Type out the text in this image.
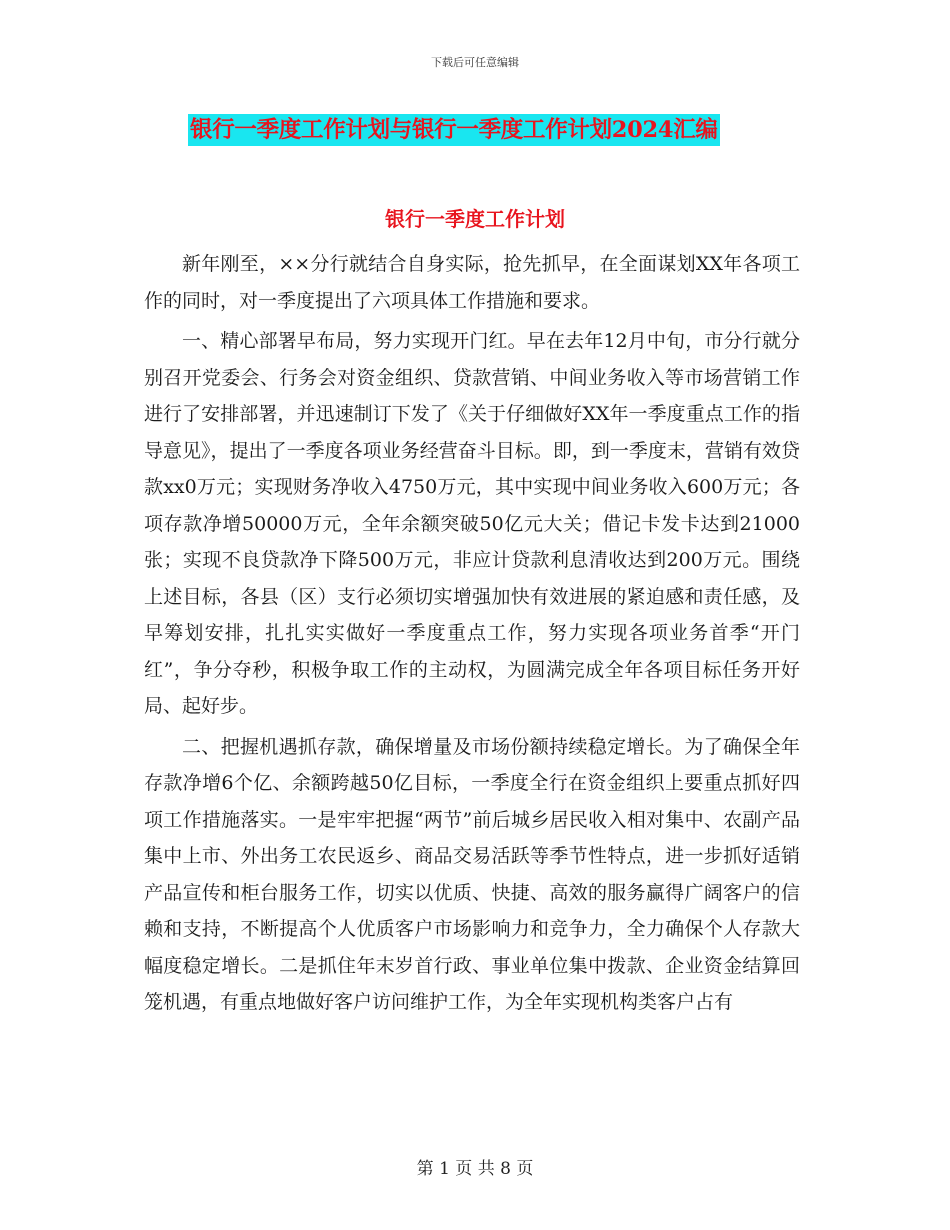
下载后可任意编辑
银行一季度工作计划与银行一季度工作计划2024汇编
银行一季度工作计划

新年刚至，××分行就结合自身实际，抢先抓早，在全面谋划XX年各项工作的同时，对一季度提出了六项具体工作措施和要求。

一、精心部署早布局，努力实现开门红。早在去年12月中旬，市分行就分别召开党委会、行务会对资金组织、贷款营销、中间业务收入等市场营销工作进行了安排部署，并迅速制订下发了《关于仔细做好XX年一季度重点工作的指导意见》，提出了一季度各项业务经营奋斗目标。即，到一季度末，营销有效贷款xx0万元；实现财务净收入4750万元，其中实现中间业务收入600万元；各项存款净增50000万元，全年余额突破50亿元大关；借记卡发卡达到21000张；实现不良贷款净下降500万元，非应计贷款利息清收达到200万元。围绕上述目标，各县（区）支行必须切实增强加快有效进展的紧迫感和责任感，及早筹划安排，扎扎实实做好一季度重点工作，努力实现各项业务首季“开门红”，争分夺秒，积极争取工作的主动权，为圆满完成全年各项目标任务开好局、起好步。

二、把握机遇抓存款，确保增量及市场份额持续稳定增长。为了确保全年存款净增6个亿、余额跨越50亿目标，一季度全行在资金组织上要重点抓好四项工作措施落实。一是牢牢把握“两节”前后城乡居民收入相对集中、农副产品集中上市、外出务工农民返乡、商品交易活跃等季节性特点，进一步抓好适销产品宣传和柜台服务工作，切实以优质、快捷、高效的服务赢得广阔客户的信赖和支持，不断提高个人优质客户市场影响力和竞争力，全力确保个人存款大幅度稳定增长。二是抓住年末岁首行政、事业单位集中拨款、企业资金结算回笼机遇，有重点地做好客户访问维护工作，为全年实现机构类客户占有

第 1 页 共 8 页
